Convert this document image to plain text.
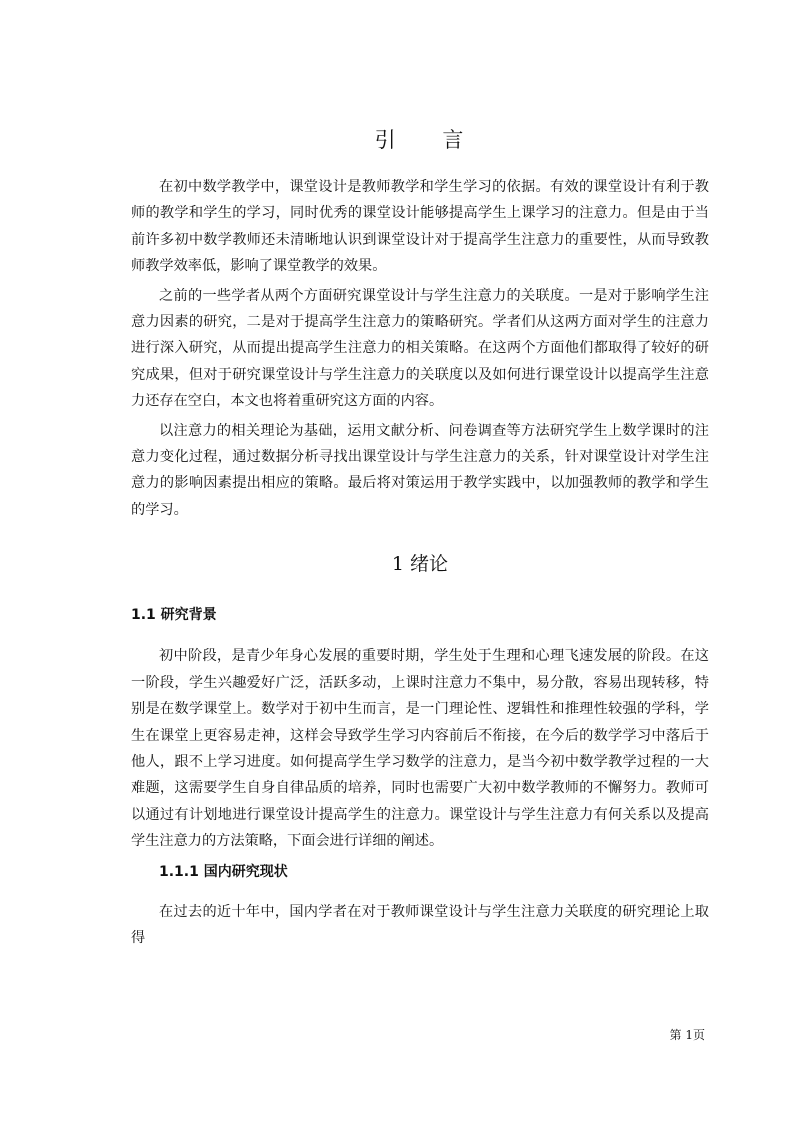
引 言

在初中数学教学中，课堂设计是教师教学和学生学习的依据。有效的课堂设计有利于教师的教学和学生的学习，同时优秀的课堂设计能够提高学生上课学习的注意力。但是由于当前许多初中数学教师还未清晰地认识到课堂设计对于提高学生注意力的重要性，从而导致教师教学效率低，影响了课堂教学的效果。

之前的一些学者从两个方面研究课堂设计与学生注意力的关联度。一是对于影响学生注意力因素的研究，二是对于提高学生注意力的策略研究。学者们从这两方面对学生的注意力进行深入研究，从而提出提高学生注意力的相关策略。在这两个方面他们都取得了较好的研究成果，但对于研究课堂设计与学生注意力的关联度以及如何进行课堂设计以提高学生注意力还存在空白，本文也将着重研究这方面的内容。

以注意力的相关理论为基础，运用文献分析、问卷调查等方法研究学生上数学课时的注意力变化过程，通过数据分析寻找出课堂设计与学生注意力的关系，针对课堂设计对学生注意力的影响因素提出相应的策略。最后将对策运用于教学实践中，以加强教师的教学和学生的学习。

1 绪论
1.1 研究背景

初中阶段，是青少年身心发展的重要时期，学生处于生理和心理飞速发展的阶段。在这一阶段，学生兴趣爱好广泛，活跃多动，上课时注意力不集中，易分散，容易出现转移，特别是在数学课堂上。数学对于初中生而言，是一门理论性、逻辑性和推理性较强的学科，学生在课堂上更容易走神，这样会导致学生学习内容前后不衔接，在今后的数学学习中落后于他人，跟不上学习进度。如何提高学生学习数学的注意力，是当今初中数学教学过程的一大难题，这需要学生自身自律品质的培养，同时也需要广大初中数学教师的不懈努力。教师可以通过有计划地进行课堂设计提高学生的注意力。课堂设计与学生注意力有何关系以及提高学生注意力的方法策略，下面会进行详细的阐述。

1.1.1 国内研究现状

在过去的近十年中，国内学者在对于教师课堂设计与学生注意力关联度的研究理论上取得

第 1页
